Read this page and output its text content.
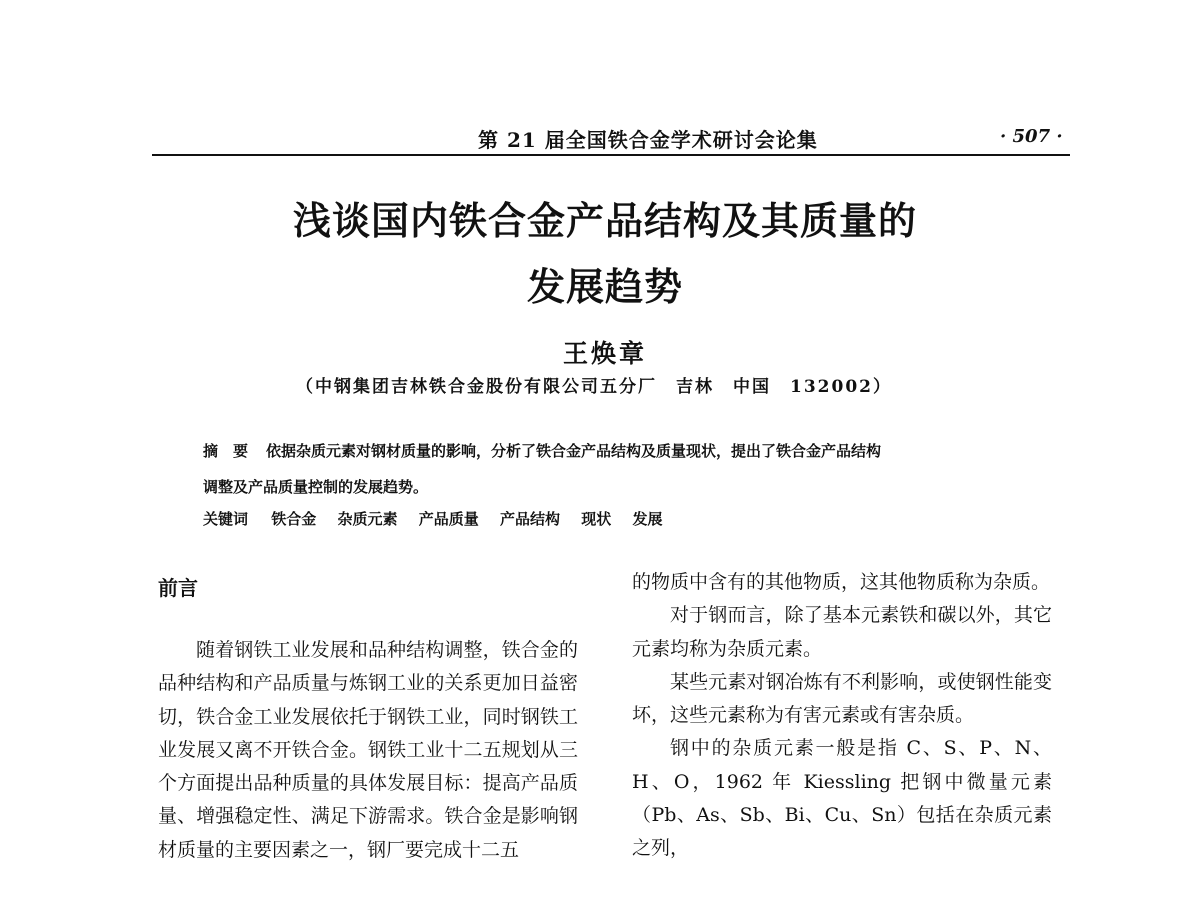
第 21 届全国铁合金学术研讨会论集	· 507 ·
浅谈国内铁合金产品结构及其质量的
发展趋势
王焕章
（中钢集团吉林铁合金股份有限公司五分厂　吉林　中国　132002）
摘　要 依据杂质元素对钢材质量的影响，分析了铁合金产品结构及质量现状，提出了铁合金产品结构
调整及产品质量控制的发展趋势。
关键词 铁合金 杂质元素 产品质量 产品结构 现状 发展
前言

随着钢铁工业发展和品种结构调整，铁合金的品种结构和产品质量与炼钢工业的关系更加日益密切，铁合金工业发展依托于钢铁工业，同时钢铁工业发展又离不开铁合金。钢铁工业十二五规划从三个方面提出品种质量的具体发展目标：提高产品质量、增强稳定性、满足下游需求。铁合金是影响钢材质量的主要因素之一，钢厂要完成十二五

的物质中含有的其他物质，这其他物质称为杂质。

对于钢而言，除了基本元素铁和碳以外，其它元素均称为杂质元素。

某些元素对钢冶炼有不利影响，或使钢性能变坏，这些元素称为有害元素或有害杂质。

钢中的杂质元素一般是指 C、S、P、N、H、O，1962 年 Kiessling 把钢中微量元素（Pb、As、Sb、Bi、Cu、Sn）包括在杂质元素之列，
